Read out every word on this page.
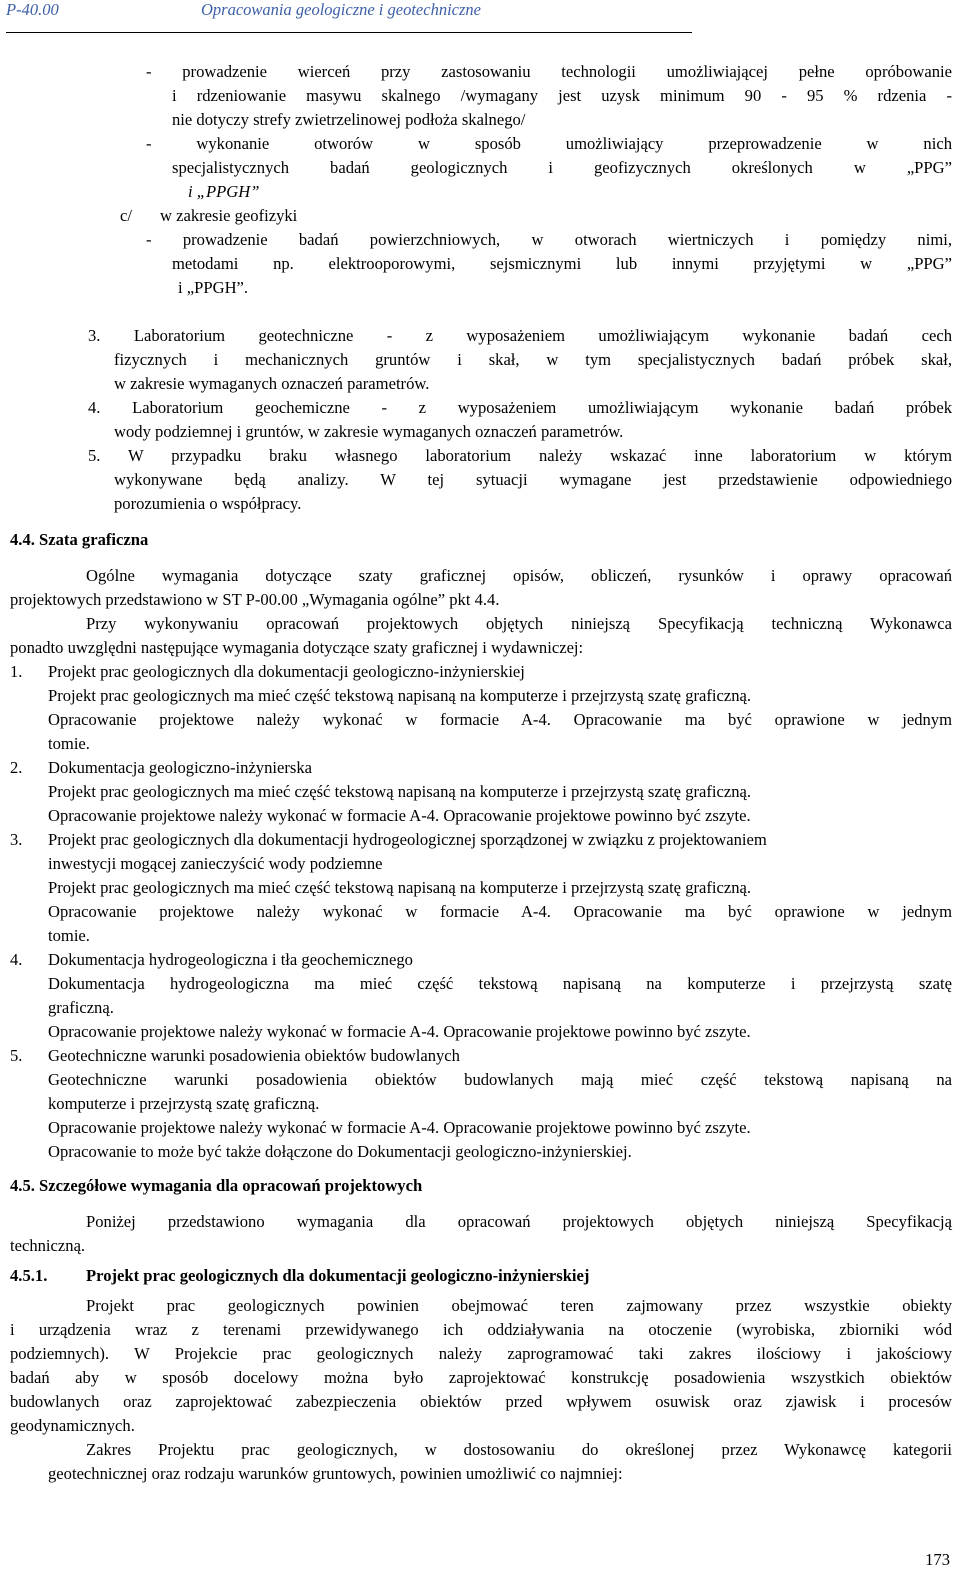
P-40.00	Opracowania geologiczne i geotechniczne
- prowadzenie wierceń przy zastosowaniu technologii umożliwiającej pełne opróbowanie
i rdzeniowanie masywu skalnego /wymagany jest uzysk minimum 90 - 95 % rdzenia -
nie dotyczy strefy zwietrzelinowej podłoża skalnego/
- wykonanie otworów w sposób umożliwiający przeprowadzenie w nich
specjalistycznych badań geologicznych i geofizycznych określonych w „PPG”
i „PPGH”
c/ w zakresie geofizyki
- prowadzenie badań powierzchniowych, w otworach wiertniczych i pomiędzy nimi,
metodami np. elektrooporowymi, sejsmicznymi lub innymi przyjętymi w „PPG”
i „PPGH”.
3. Laboratorium geotechniczne - z wyposażeniem umożliwiającym wykonanie badań cech
fizycznych i mechanicznych gruntów i skał, w tym specjalistycznych badań próbek skał,
w zakresie wymaganych oznaczeń parametrów.
4. Laboratorium geochemiczne - z wyposażeniem umożliwiającym wykonanie badań próbek
wody podziemnej i gruntów, w zakresie wymaganych oznaczeń parametrów.
5. W przypadku braku własnego laboratorium należy wskazać inne laboratorium w którym
wykonywane będą analizy. W tej sytuacji wymagane jest przedstawienie odpowiedniego
porozumienia o współpracy.
4.4. Szata graficzna
Ogólne wymagania dotyczące szaty graficznej opisów, obliczeń, rysunków i oprawy opracowań
projektowych przedstawiono w ST P-00.00 „Wymagania ogólne” pkt 4.4.
Przy wykonywaniu opracowań projektowych objętych niniejszą Specyfikacją techniczną Wykonawca
ponadto uwzględni następujące wymagania dotyczące szaty graficznej i wydawniczej:
1. Projekt prac geologicznych dla dokumentacji geologiczno-inżynierskiej
Projekt prac geologicznych ma mieć część tekstową napisaną na komputerze i przejrzystą szatę graficzną.
Opracowanie projektowe należy wykonać w formacie A-4. Opracowanie ma być oprawione w jednym
tomie.
2. Dokumentacja geologiczno-inżynierska
Projekt prac geologicznych ma mieć część tekstową napisaną na komputerze i przejrzystą szatę graficzną.
Opracowanie projektowe należy wykonać w formacie A-4. Opracowanie projektowe powinno być zszyte.
3. Projekt prac geologicznych dla dokumentacji hydrogeologicznej sporządzonej w związku z projektowaniem
inwestycji mogącej zanieczyścić wody podziemne
Projekt prac geologicznych ma mieć część tekstową napisaną na komputerze i przejrzystą szatę graficzną.
Opracowanie projektowe należy wykonać w formacie A-4. Opracowanie ma być oprawione w jednym
tomie.
4. Dokumentacja hydrogeologiczna i tła geochemicznego
Dokumentacja hydrogeologiczna ma mieć część tekstową napisaną na komputerze i przejrzystą szatę
graficzną.
Opracowanie projektowe należy wykonać w formacie A-4. Opracowanie projektowe powinno być zszyte.
5. Geotechniczne warunki posadowienia obiektów budowlanych
Geotechniczne warunki posadowienia obiektów budowlanych mają mieć część tekstową napisaną na
komputerze i przejrzystą szatę graficzną.
Opracowanie projektowe należy wykonać w formacie A-4. Opracowanie projektowe powinno być zszyte.
Opracowanie to może być także dołączone do Dokumentacji geologiczno-inżynierskiej.
4.5. Szczegółowe wymagania dla opracowań projektowych
Poniżej przedstawiono wymagania dla opracowań projektowych objętych niniejszą Specyfikacją
techniczną.
4.5.1. Projekt prac geologicznych dla dokumentacji geologiczno-inżynierskiej
Projekt prac geologicznych powinien obejmować teren zajmowany przez wszystkie obiekty
i urządzenia wraz z terenami przewidywanego ich oddziaływania na otoczenie (wyrobiska, zbiorniki wód
podziemnych). W Projekcie prac geologicznych należy zaprogramować taki zakres ilościowy i jakościowy
badań aby w sposób docelowy można było zaprojektować konstrukcję posadowienia wszystkich obiektów
budowlanych oraz zaprojektować zabezpieczenia obiektów przed wpływem osuwisk oraz zjawisk i procesów
geodynamicznych.
Zakres Projektu prac geologicznych, w dostosowaniu do określonej przez Wykonawcę kategorii
geotechnicznej oraz rodzaju warunków gruntowych, powinien umożliwić co najmniej:
173
